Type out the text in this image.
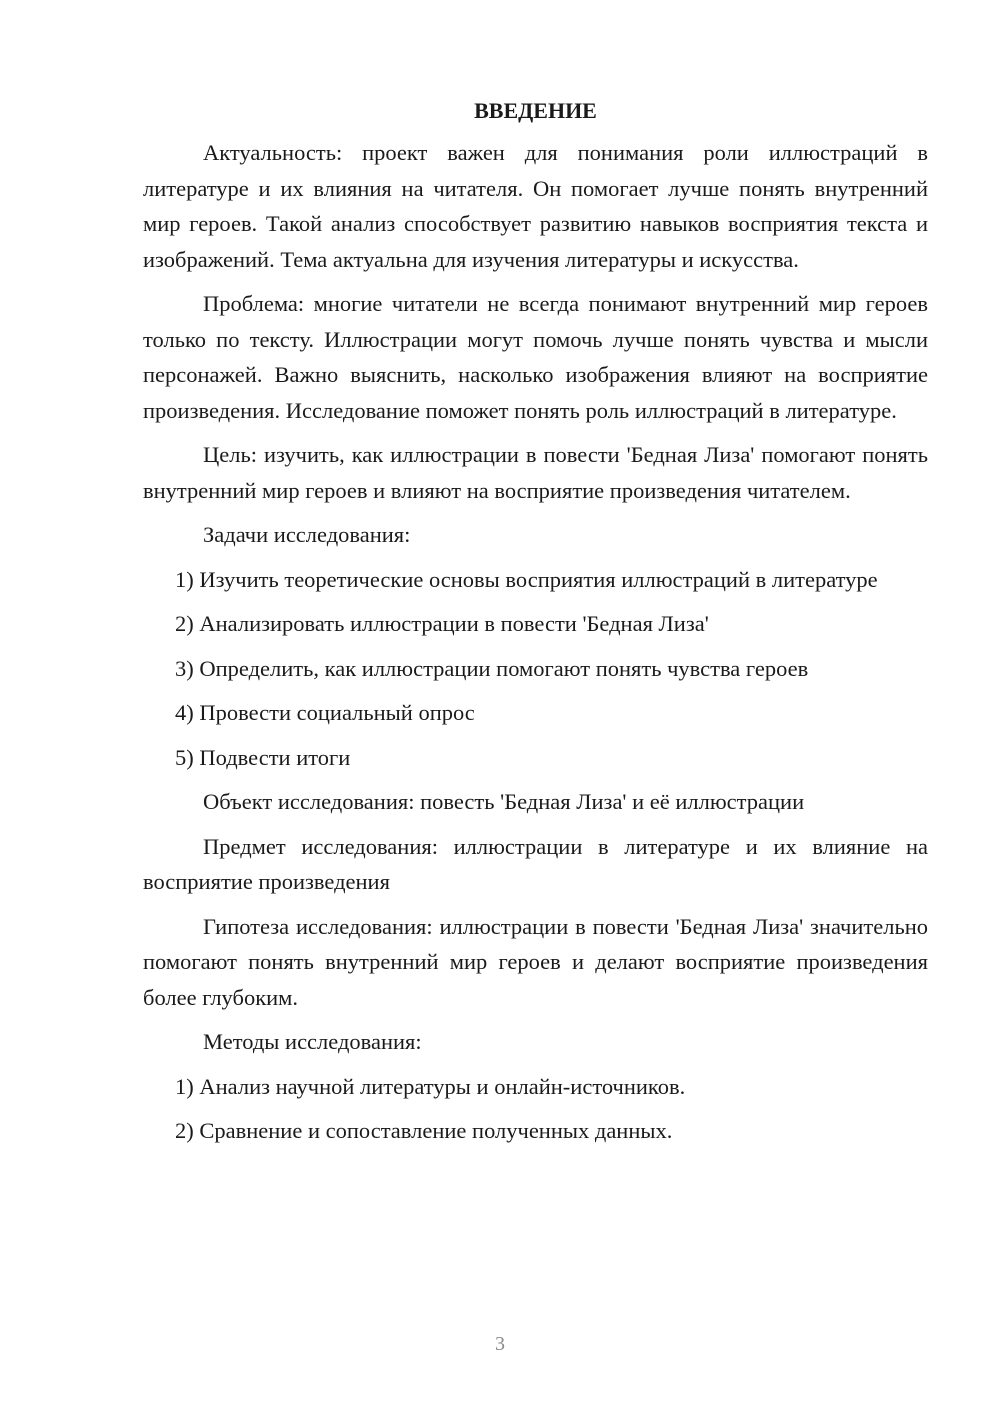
ВВЕДЕНИЕ

Актуальность: проект важен для понимания роли иллюстраций в литературе и их влияния на читателя. Он помогает лучше понять внутренний мир героев. Такой анализ способствует развитию навыков восприятия текста и изображений. Тема актуальна для изучения литературы и искусства.

Проблема: многие читатели не всегда понимают внутренний мир героев только по тексту. Иллюстрации могут помочь лучше понять чувства и мысли персонажей. Важно выяснить, насколько изображения влияют на восприятие произведения. Исследование поможет понять роль иллюстраций в литературе.

Цель: изучить, как иллюстрации в повести 'Бедная Лиза' помогают понять внутренний мир героев и влияют на восприятие произведения читателем.

Задачи исследования:

1) Изучить теоретические основы восприятия иллюстраций в литературе

2) Анализировать иллюстрации в повести 'Бедная Лиза'

3) Определить, как иллюстрации помогают понять чувства героев

4) Провести социальный опрос

5) Подвести итоги

Объект исследования: повесть 'Бедная Лиза' и её иллюстрации

Предмет исследования: иллюстрации в литературе и их влияние на восприятие произведения

Гипотеза исследования: иллюстрации в повести 'Бедная Лиза' значительно помогают понять внутренний мир героев и делают восприятие произведения более глубоким.

Методы исследования:

1) Анализ научной литературы и онлайн-источников.

2) Сравнение и сопоставление полученных данных.

3
